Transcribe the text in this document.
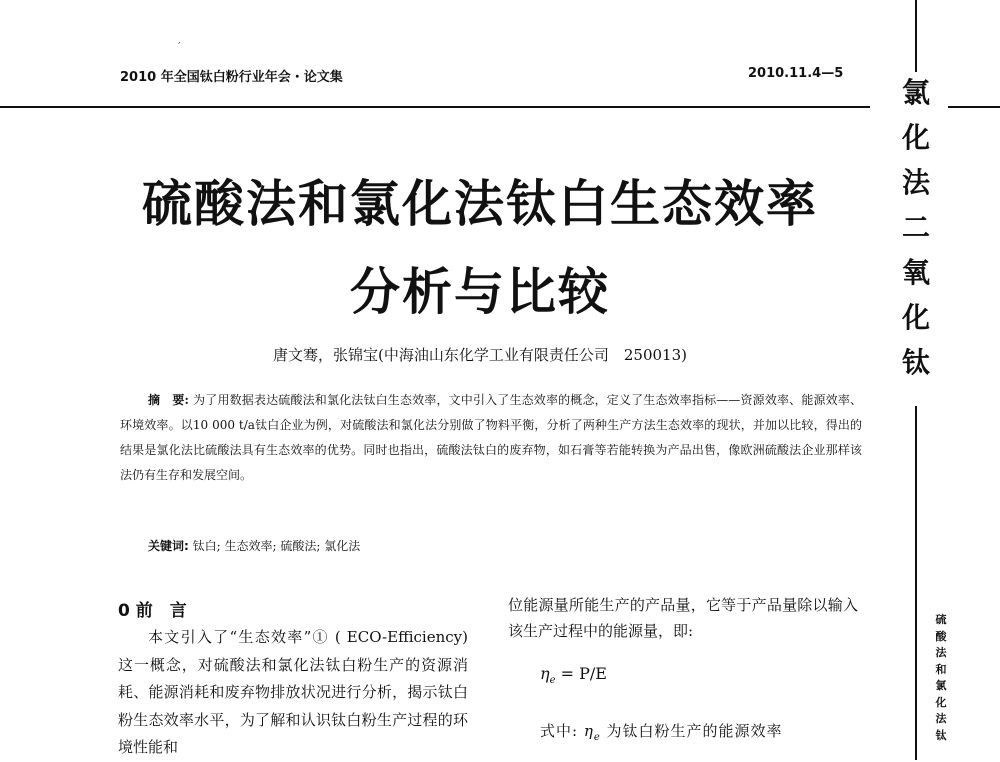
′
2010 年全国钛白粉行业年会・论文集	2010.11.4—5
氯
化
法
二
氧
化
钛
硫
酸
法
和
氯
化
法
钛
硫酸法和氯化法钛白生态效率
分析与比较
唐文骞，张锦宝(中海油山东化学工业有限责任公司　250013)
摘　要: 为了用数据表达硫酸法和氯化法钛白生态效率，文中引入了生态效率的概念，定义了生态效率指标——资源效率、能源效率、环境效率。以10 000 t/a钛白企业为例，对硫酸法和氯化法分别做了物料平衡，分析了两种生产方法生态效率的现状，并加以比较，得出的结果是氯化法比硫酸法具有生态效率的优势。同时也指出，硫酸法钛白的废弃物，如石膏等若能转换为产品出售，像欧洲硫酸法企业那样该法仍有生存和发展空间。
关键词: 钛白; 生态效率; 硫酸法; 氯化法
0 前　言

本文引入了“生态效率”① ( ECO-Efficiency) 这一概念，对硫酸法和氯化法钛白粉生产的资源消耗、能源消耗和废弃物排放状况进行分析，揭示钛白粉生态效率水平，为了解和认识钛白粉生产过程的环境性能和

位能源量所能生产的产品量，它等于产品量除以输入该生产过程中的能源量，即:
$\eta_e = P/E$
式中: $\eta_e$ 为钛白粉生产的能源效率
